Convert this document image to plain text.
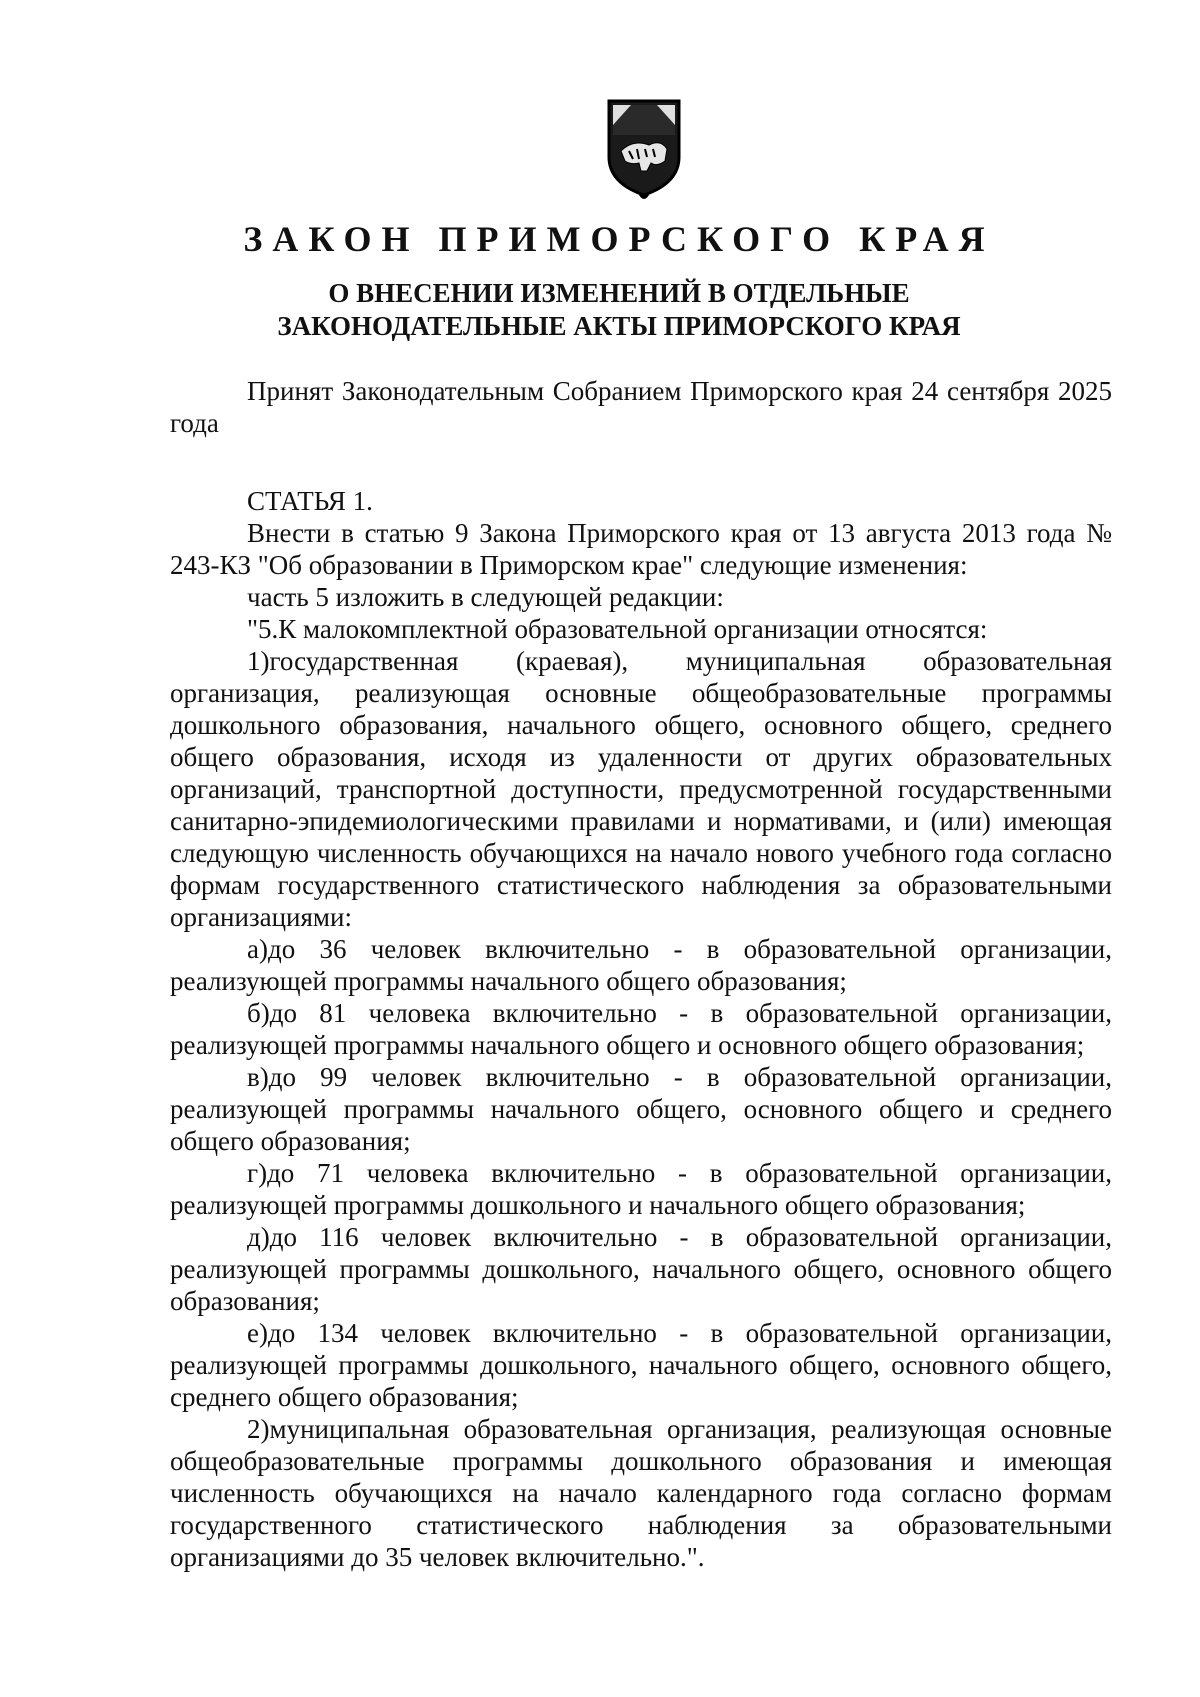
ЗАКОН ПРИМОРСКОГО КРАЯ
О ВНЕСЕНИИ ИЗМЕНЕНИЙ В ОТДЕЛЬНЫЕ
ЗАКОНОДАТЕЛЬНЫЕ АКТЫ ПРИМОРСКОГО КРАЯ

Принят Законодательным Собранием Приморского края 24 сентября 2025 года

СТАТЬЯ 1.

Внести в статью 9 Закона Приморского края от 13 августа 2013 года № 243-КЗ "Об образовании в Приморском крае" следующие изменения:

часть 5 изложить в следующей редакции:

"5.К малокомплектной образовательной организации относятся:

1)государственная (краевая), муниципальная образовательная организация, реализующая основные общеобразовательные программы дошкольного образования, начального общего, основного общего, среднего общего образования, исходя из удаленности от других образовательных организаций, транспортной доступности, предусмотренной государственными санитарно-эпидемиологическими правилами и нормативами, и (или) имеющая следующую численность обучающихся на начало нового учебного года согласно формам государственного статистического наблюдения за образовательными организациями:

а)до 36 человек включительно - в образовательной организации, реализующей программы начального общего образования;

б)до 81 человека включительно - в образовательной организации, реализующей программы начального общего и основного общего образования;

в)до 99 человек включительно - в образовательной организации, реализующей программы начального общего, основного общего и среднего общего образования;

г)до 71 человека включительно - в образовательной организации, реализующей программы дошкольного и начального общего образования;

д)до 116 человек включительно - в образовательной организации, реализующей программы дошкольного, начального общего, основного общего образования;

е)до 134 человек включительно - в образовательной организации, реализующей программы дошкольного, начального общего, основного общего, среднего общего образования;

2)муниципальная образовательная организация, реализующая основные общеобразовательные программы дошкольного образования и имеющая численность обучающихся на начало календарного года согласно формам государственного статистического наблюдения за образовательными организациями до 35 человек включительно.".
